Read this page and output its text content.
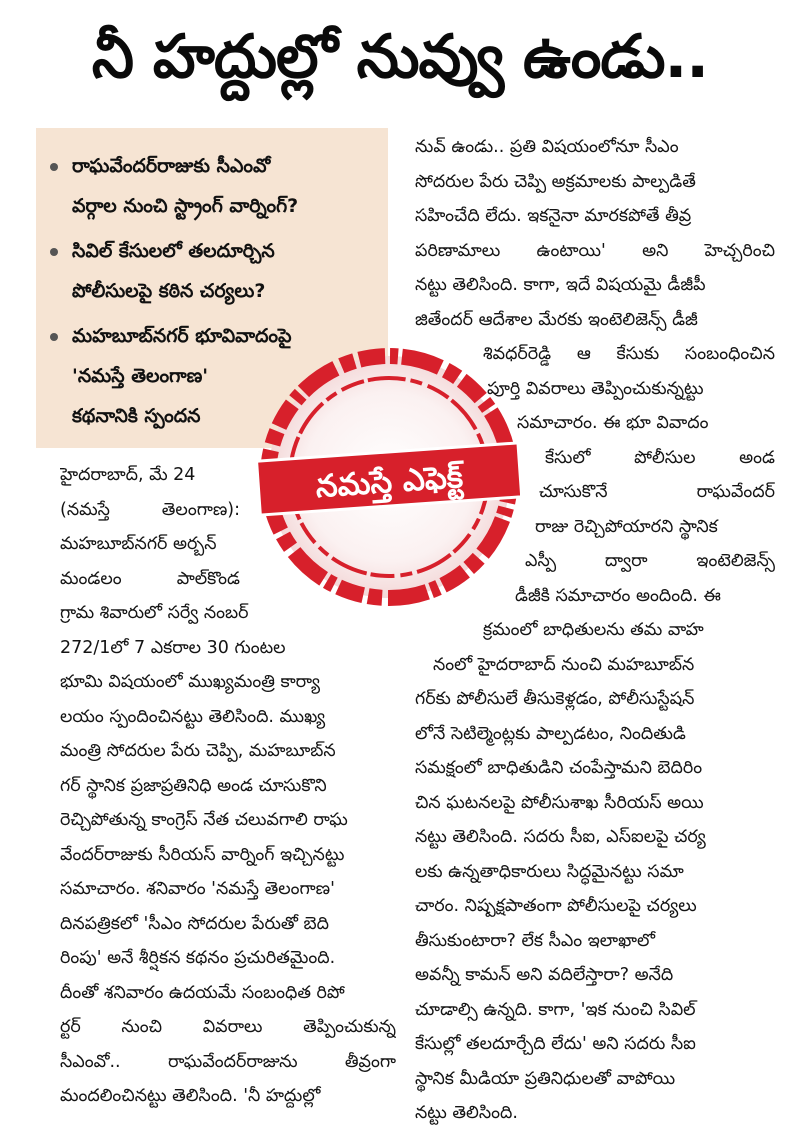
నీ హద్దుల్లో నువ్వు ఉండు..
రాఘవేందర్‌రాజుకు సీఎంవో
వర్గాల నుంచి స్ట్రాంగ్‌ వార్నింగ్‌?
సివిల్‌ కేసులలో తలదూర్చిన
పోలీసులపై కఠిన చర్యలు?
మహబూబ్‌నగర్‌ భూవివాదంపై
'నమస్తే తెలంగాణ'
కథనానికి స్పందన
హైదరాబాద్‌, మే 24
(నమస్తే తెలంగాణ):
మహబూబ్‌నగర్‌ అర్బన్‌
మండలం పాల్‌కొండ
గ్రామ శివారులో సర్వే నంబర్‌
272/1లో 7 ఎకరాల 30 గుంటల
భూమి విషయంలో ముఖ్యమంత్రి కార్యా
లయం స్పందించినట్టు తెలిసింది. ముఖ్య
మంత్రి సోదరుల పేరు చెప్పి, మహబూబ్‌న
గర్‌ స్థానిక ప్రజాప్రతినిధి అండ చూసుకొని
రెచ్చిపోతున్న కాంగ్రెస్‌ నేత చలువగాలి రాఘ
వేందర్‌రాజుకు సీరియస్‌ వార్నింగ్‌ ఇచ్చినట్టు
సమాచారం. శనివారం 'నమస్తే తెలంగాణ'
దినపత్రికలో 'సీఎం సోదరుల పేరుతో బెది
రింపు' అనే శీర్షికన కథనం ప్రచురితమైంది.
దీంతో శనివారం ఉదయమే సంబంధిత రిపో
ర్టర్‌ నుంచి వివరాలు తెప్పించుకున్న
సీఎంవో.. రాఘవేందర్‌రాజును తీవ్రంగా
మందలించినట్టు తెలిసింది. 'నీ హద్దుల్లో
నువ్‌ ఉండు.. ప్రతి విషయంలోనూ సీఎం
సోదరుల పేరు చెప్పి అక్రమాలకు పాల్పడితే
సహించేది లేదు. ఇకనైనా మారకపోతే తీవ్ర
పరిణామాలు ఉంటాయి' అని హెచ్చరించి
నట్టు తెలిసింది. కాగా, ఇదే విషయమై డీజీపీ
జితేందర్‌ ఆదేశాల మేరకు ఇంటెలిజెన్స్‌ డీజీ
శివధర్‌రెడ్డి ఆ కేసుకు సంబంధించిన
పూర్తి వివరాలు తెప్పించుకున్నట్టు
సమాచారం. ఈ భూ వివాదం
కేసులో పోలీసుల అండ
చూసుకొనే రాఘవేందర్‌
రాజు రెచ్చిపోయారని స్థానిక
ఎస్పీ ద్వారా ఇంటెలిజెన్స్‌
డీజీకి సమాచారం అందింది. ఈ
క్రమంలో బాధితులను తమ వాహ
నంలో హైదరాబాద్‌ నుంచి మహబూబ్‌న
గర్‌కు పోలీసులే తీసుకెళ్లడం, పోలీసుస్టేషన్‌
లోనే సెటిల్మెంట్లకు పాల్పడటం, నిందితుడి
సమక్షంలో బాధితుడిని చంపేస్తామని బెదిరిం
చిన ఘటనలపై పోలీసుశాఖ సీరియస్‌ అయి
నట్టు తెలిసింది. సదరు సీఐ, ఎస్‌ఐలపై చర్య
లకు ఉన్నతాధికారులు సిద్ధమైనట్టు సమా
చారం. నిష్పక్షపాతంగా పోలీసులపై చర్యలు
తీసుకుంటారా? లేక సీఎం ఇలాఖాలో
అవన్నీ కామన్‌ అని వదిలేస్తారా? అనేది
చూడాల్సి ఉన్నది. కాగా, 'ఇక నుంచి సివిల్‌
కేసుల్లో తలదూర్చేది లేదు' అని సదరు సీఐ
స్థానిక మీడియా ప్రతినిధులతో వాపోయి
నట్టు తెలిసింది.
నమస్తే ఎఫెక్ట్‌
